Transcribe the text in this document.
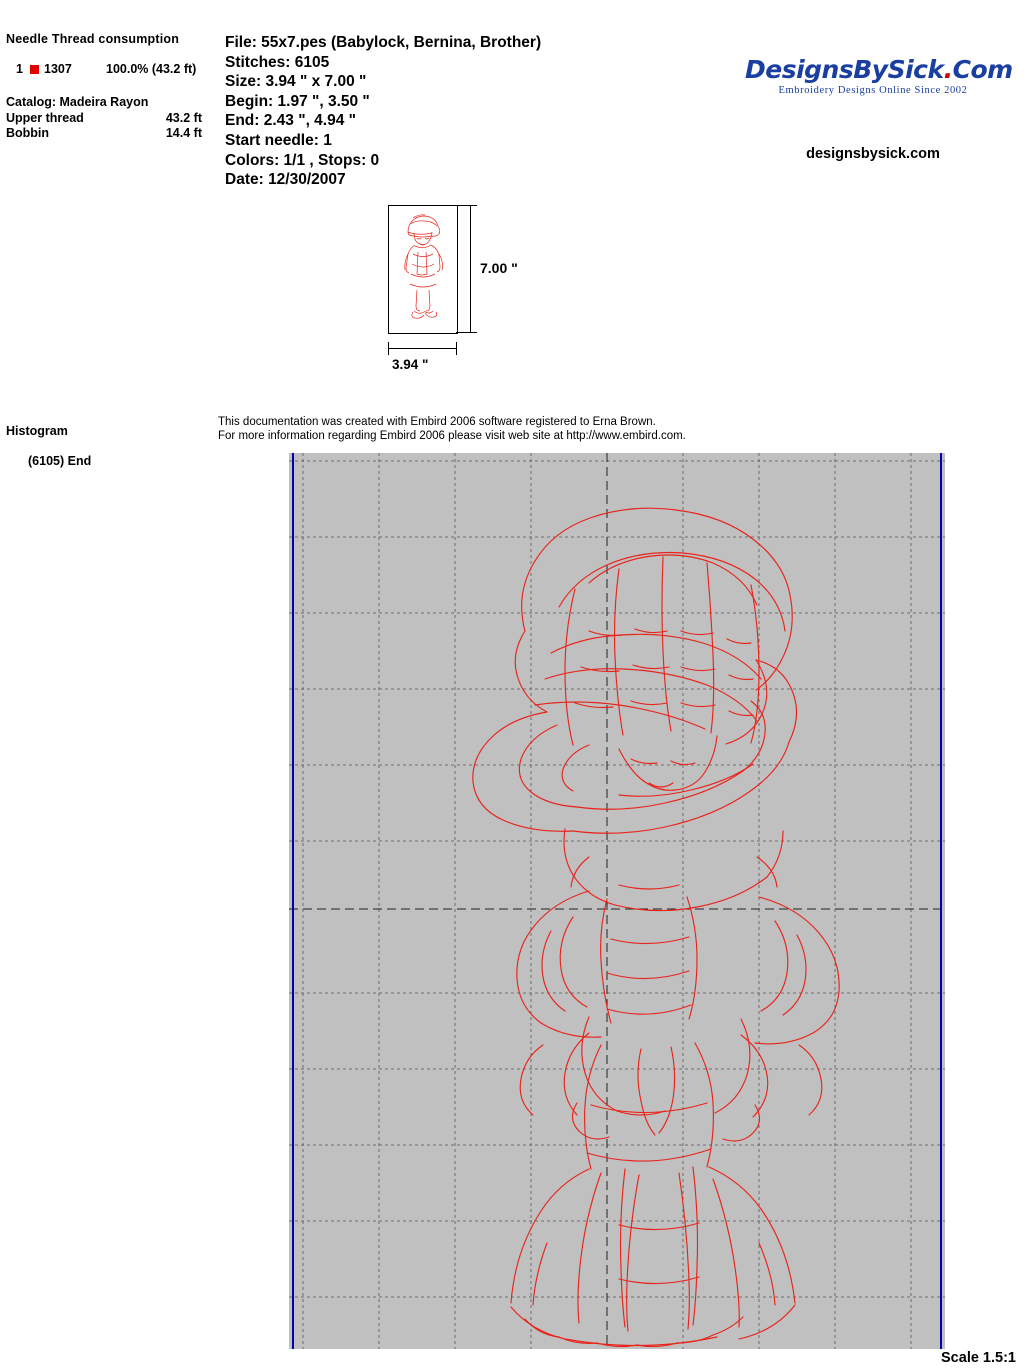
Needle Thread consumption
1	1307	100.0% (43.2 ft)
Catalog: Madeira Rayon
Upper thread	43.2 ft
Bobbin	14.4 ft
Histogram
(6105) End
File: 55x7.pes (Babylock, Bernina, Brother)
Stitches: 6105
Size: 3.94 " x 7.00 "
Begin: 1.97 ", 3.50 "
End: 2.43 ", 4.94 "
Start needle: 1
Colors: 1/1 , Stops: 0
Date: 12/30/2007
DesignsBySick.Com
Embroidery Designs Online Since 2002
designsbysick.com
7.00 "
3.94 "
This documentation was created with Embird 2006 software registered to Erna Brown.
For more information regarding Embird 2006 please visit web site at http://www.embird.com.
Scale 1.5:1
